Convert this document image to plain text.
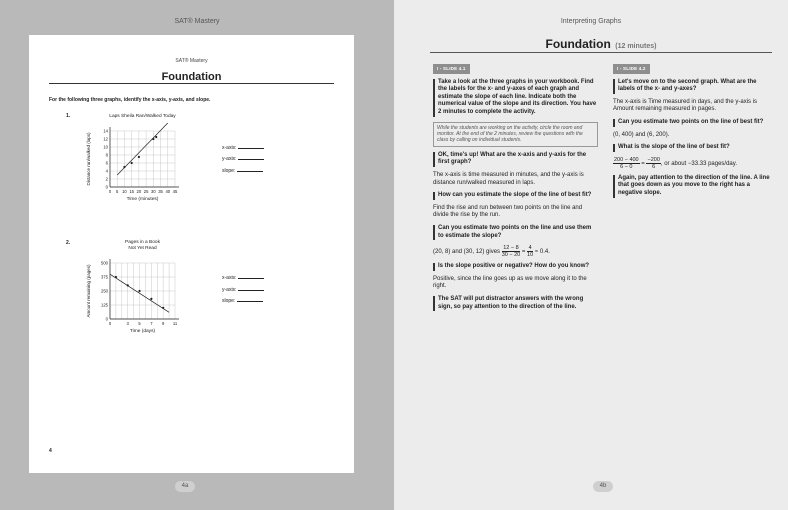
SAT® Mastery
SAT® Mastery
Foundation
For the following three graphs, identify the x-axis, y-axis, and slope.
1.	Laps Sheila Ran/Walked Today
0 5 10 15 20 25 30 35 40 45
0
2
4
6
8
10
12
14
Time (minutes)
Distance ran/walked (laps)	x-axis:
y-axis:
slope:
2.	Pages in a Book
Not Yet Read
0	3 5 7 9 11
0
125
250
375
500
Time (days)
Amount remaining (pages)	x-axis:
y-axis:
slope:
4
4a
Interpreting Graphs
Foundation (12 minutes)

I - SLIDE 4.1

Take a look at the three graphs in your workbook. Find the labels for the x- and y-axes of each graph and estimate the slope of each line. Indicate both the numerical value of the slope and its direction. You have 2 minutes to complete the activity.

While the students are working on the activity, circle the room and monitor. At the end of the 2 minutes, review the questions with the class by calling on individual students.

OK, time's up! What are the x-axis and y-axis for the first graph?

The x-axis is time measured in minutes, and the y-axis is distance run/walked measured in laps.

How can you estimate the slope of the line of best fit?

Find the rise and run between two points on the line and divide the rise by the run.

Can you estimate two points on the line and use them to estimate the slope?

(20, 8) and (30, 12) gives $\frac{12 - 8}{30 - 20} = \frac{4}{10} \approx 0.4$.

Is the slope positive or negative? How do you know?

Positive, since the line goes up as we move along it to the right.

The SAT will put distractor answers with the wrong sign, so pay attention to the direction of the line.

I - SLIDE 4.2

Let's move on to the second graph. What are the labels of the x- and y-axes?

The x-axis is Time measured in days, and the y-axis is Amount remaining measured in pages.

Can you estimate two points on the line of best fit?

(0, 400) and (6, 200).

What is the slope of the line of best fit?

$\frac{200 - 400}{6 - 0} = \frac{-200}{6}$, or about −33.33 pages/day.

Again, pay attention to the direction of the line. A line that goes down as you move to the right has a negative slope.

4b
